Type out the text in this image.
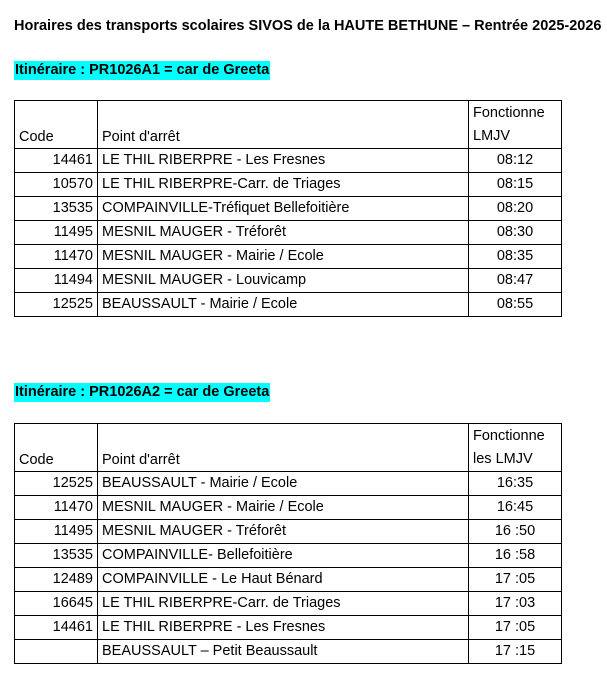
Horaires des transports scolaires SIVOS de la HAUTE BETHUNE – Rentrée 2025-2026
Itinéraire : PR1026A1 = car de Greeta
Code	Point d'arrêt	Fonctionne
LMJV

14461	LE THIL RIBERPRE - Les Fresnes	08:12
10570	LE THIL RIBERPRE-Carr. de Triages	08:15
13535	COMPAINVILLE-Tréfiquet Bellefoitière	08:20
11495	MESNIL MAUGER - Tréforêt	08:30
11470	MESNIL MAUGER - Mairie / Ecole	08:35
11494	MESNIL MAUGER - Louvicamp	08:47
12525	BEAUSSAULT - Mairie / Ecole	08:55
Itinéraire : PR1026A2 = car de Greeta
Code	Point d'arrêt	Fonctionne
les LMJV

12525	BEAUSSAULT - Mairie / Ecole	16:35
11470	MESNIL MAUGER - Mairie / Ecole	16:45
11495	MESNIL MAUGER - Tréforêt	16 :50
13535	COMPAINVILLE- Bellefoitière	16 :58
12489	COMPAINVILLE - Le Haut Bénard	17 :05
16645	LE THIL RIBERPRE-Carr. de Triages	17 :03
14461	LE THIL RIBERPRE - Les Fresnes	17 :05
	BEAUSSAULT – Petit Beaussault	17 :15
